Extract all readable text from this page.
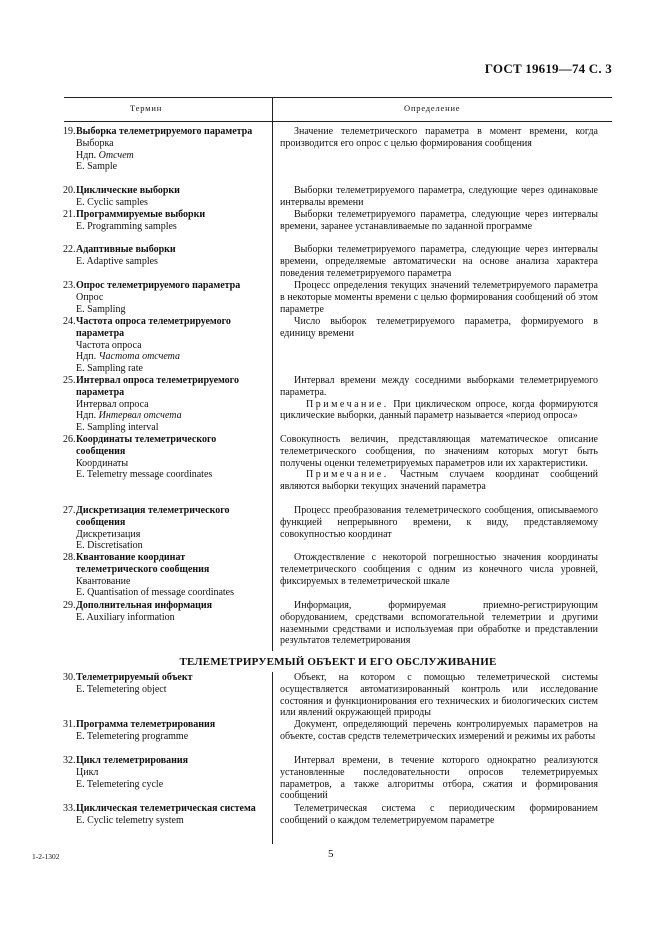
ГОСТ 19619—74 С. 3
Термин	Определение
ТЕЛЕМЕТРИРУЕМЫЙ ОБЪЕКТ И ЕГО ОБСЛУЖИВАНИЕ
19.Выборка телеметрируемого параметра
Выборка
Ндп. Отсчет
E. Sample

Значение телеметрического параметра в момент времени, когда производится его опрос с целью формирования сообщения

20.Циклические выборки
E. Cyclic samples

Выборки телеметрируемого параметра, следующие через одинаковые интервалы времени

21.Программируемые выборки
E. Programming samples

Выборки телеметрируемого параметра, следующие через интервалы времени, заранее устанавливаемые по заданной программе

22.Адаптивные выборки
E. Adaptive samples

Выборки телеметрируемого параметра, следующие через интервалы времени, определяемые автоматически на основе анализа характера поведения телеметрируемого параметра

23.Опрос телеметрируемого параметра
Опрос
E. Sampling

Процесс определения текущих значений телеметрируемого параметра в некоторые моменты времени с целью формирования сообщений об этом параметре

24.Частота опроса телеметрируемого параметра
Частота опроса
Ндп. Частота отсчета
E. Sampling rate

Число выборок телеметрируемого параметра, формируемого в единицу времени

25.Интервал опроса телеметрируемого параметра
Интервал опроса
Ндп. Интервал отсчета
E. Sampling interval

Интервал времени между соседними выборками телеметрируемого параметра.

Примечание. При циклическом опросе, когда формируются циклические выборки, данный параметр называется «период опроса»

26.Координаты телеметрического сообщения
Координаты
E. Telemetry message coordinates

Совокупность величин, представляющая математическое описание телеметрического сообщения, по значениям которых могут быть получены оценки телеметрируемых параметров или их характеристики.

Примечание. Частным случаем координат сообщений являются выборки текущих значений параметра

27.Дискретизация телеметрического сообщения
Дискретизация
E. Discretisation

Процесс преобразования телеметрического сообщения, описываемого функцией непрерывного времени, к виду, представляемому совокупностью координат

28.Квантование координат телеметрического сообщения
Квантование
E. Quantisation of message coordinates

Отождествление с некоторой погрешностью значения координаты телеметрического сообщения с одним из конечного числа уровней, фиксируемых в телеметрической шкале

29.Дополнительная информация
E. Auxiliary information

Информация, формируемая приемно-регистрирующим оборудованием, средствами вспомогательной телеметрии и другими наземными средствами и используемая при обработке и представлении результатов телеметрирования

30.Телеметрируемый объект
E. Telemetering object

Объект, на котором с помощью телеметрической системы осуществляется автоматизированный контроль или исследование состояния и функционирования его технических и биологических систем или явлений окружающей природы

31.Программа телеметрирования
E. Telemetering programme

Документ, определяющий перечень контролируемых параметров на объекте, состав средств телеметрических измерений и режимы их работы

32.Цикл телеметрирования
Цикл
E. Telemetering cycle

Интервал времени, в течение которого однократно реализуются установленные последовательности опросов телеметрируемых параметров, а также алгоритмы отбора, сжатия и формирования сообщений

33.Циклическая телеметрическая система
E. Cyclic telemetry system

Телеметрическая система с периодическим формированием сообщений о каждом телеметрируемом параметре

1-2-1302	5
